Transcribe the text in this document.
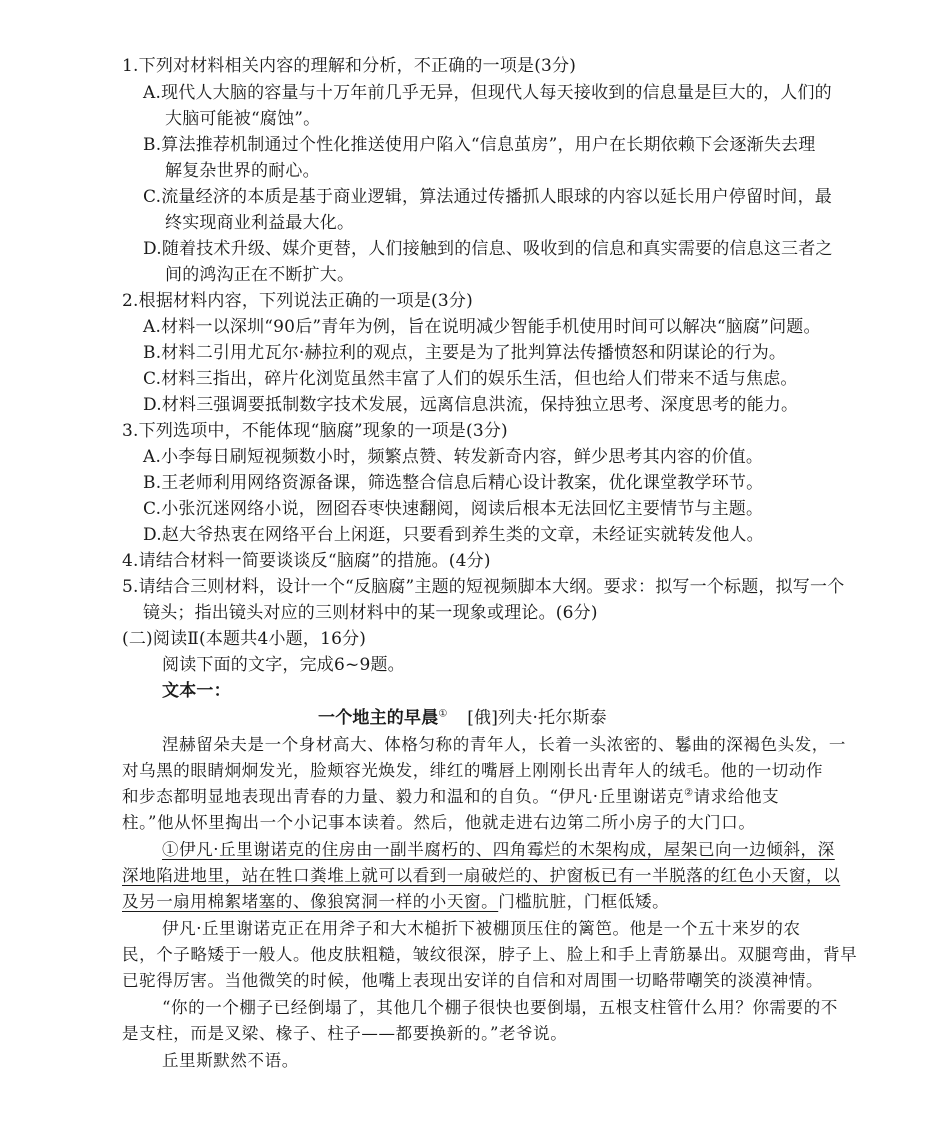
1.下列对材料相关内容的理解和分析，不正确的一项是(3分)
A.现代人大脑的容量与十万年前几乎无异，但现代人每天接收到的信息量是巨大的，人们的
大脑可能被“腐蚀”。
B.算法推荐机制通过个性化推送使用户陷入“信息茧房”，用户在长期依赖下会逐渐失去理
解复杂世界的耐心。
C.流量经济的本质是基于商业逻辑，算法通过传播抓人眼球的内容以延长用户停留时间，最
终实现商业利益最大化。
D.随着技术升级、媒介更替，人们接触到的信息、吸收到的信息和真实需要的信息这三者之
间的鸿沟正在不断扩大。
2.根据材料内容，下列说法正确的一项是(3分)
A.材料一以深圳“90后”青年为例，旨在说明减少智能手机使用时间可以解决“脑腐”问题。
B.材料二引用尤瓦尔·赫拉利的观点，主要是为了批判算法传播愤怒和阴谋论的行为。
C.材料三指出，碎片化浏览虽然丰富了人们的娱乐生活，但也给人们带来不适与焦虑。
D.材料三强调要抵制数字技术发展，远离信息洪流，保持独立思考、深度思考的能力。
3.下列选项中，不能体现“脑腐”现象的一项是(3分)
A.小李每日刷短视频数小时，频繁点赞、转发新奇内容，鲜少思考其内容的价值。
B.王老师利用网络资源备课，筛选整合信息后精心设计教案，优化课堂教学环节。
C.小张沉迷网络小说，囫囵吞枣快速翻阅，阅读后根本无法回忆主要情节与主题。
D.赵大爷热衷在网络平台上闲逛，只要看到养生类的文章，未经证实就转发他人。
4.请结合材料一简要谈谈反“脑腐”的措施。(4分)
5.请结合三则材料，设计一个“反脑腐”主题的短视频脚本大纲。要求：拟写一个标题，拟写一个
镜头；指出镜头对应的三则材料中的某一现象或理论。(6分)
(二)阅读Ⅱ(本题共4小题，16分)
阅读下面的文字，完成6~9题。
文本一：
一个地主的早晨① [俄]列夫·托尔斯泰
涅赫留朵夫是一个身材高大、体格匀称的青年人，长着一头浓密的、鬈曲的深褐色头发，一
对乌黑的眼睛炯炯发光，脸颊容光焕发，绯红的嘴唇上刚刚长出青年人的绒毛。他的一切动作
和步态都明显地表现出青春的力量、毅力和温和的自负。“伊凡·丘里谢诺克②请求给他支
柱。”他从怀里掏出一个小记事本读着。然后，他就走进右边第二所小房子的大门口。
①伊凡·丘里谢诺克的住房由一副半腐朽的、四角霉烂的木架构成，屋架已向一边倾斜，深
深地陷进地里，站在牲口粪堆上就可以看到一扇破烂的、护窗板已有一半脱落的红色小天窗，以
及另一扇用棉絮堵塞的、像狼窝洞一样的小天窗。门槛肮脏，门框低矮。
伊凡·丘里谢诺克正在用斧子和大木槌折下被棚顶压住的篱笆。他是一个五十来岁的农
民，个子略矮于一般人。他皮肤粗糙，皱纹很深，脖子上、脸上和手上青筋暴出。双腿弯曲，背早
已驼得厉害。当他微笑的时候，他嘴上表现出安详的自信和对周围一切略带嘲笑的淡漠神情。
“你的一个棚子已经倒塌了，其他几个棚子很快也要倒塌，五根支柱管什么用？你需要的不
是支柱，而是叉梁、椽子、柱子——都要换新的。”老爷说。
丘里斯默然不语。
